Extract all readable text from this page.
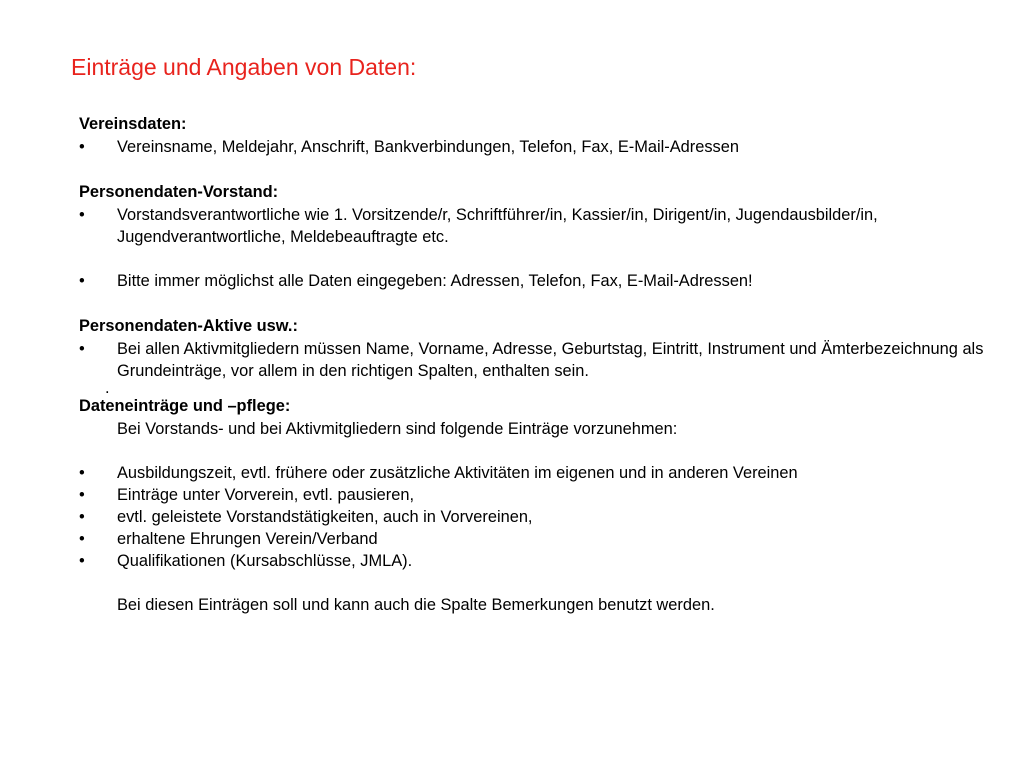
Einträge und Angaben von Daten:
Vereinsdaten:
• Vereinsname, Meldejahr, Anschrift, Bankverbindungen, Telefon, Fax, E-Mail-Adressen
Personendaten-Vorstand:
• Vorstandsverantwortliche wie 1. Vorsitzende/r, Schriftführer/in, Kassier/in, Dirigent/in, Jugendausbilder/in, Jugendverantwortliche, Meldebeauftragte etc.
• Bitte immer möglichst alle Daten eingegeben: Adressen, Telefon, Fax, E-Mail-Adressen!
Personendaten-Aktive usw.:
• Bei allen Aktivmitgliedern müssen Name, Vorname, Adresse, Geburtstag, Eintritt, Instrument und Ämterbezeichnung als Grundeinträge, vor allem in den richtigen Spalten, enthalten sein.
.
Dateneinträge und –pflege:
Bei Vorstands- und bei Aktivmitgliedern sind folgende Einträge vorzunehmen:
• Ausbildungszeit, evtl. frühere oder zusätzliche Aktivitäten im eigenen und in anderen Vereinen
• Einträge unter Vorverein, evtl. pausieren,
• evtl. geleistete Vorstandstätigkeiten, auch in Vorvereinen,
• erhaltene Ehrungen Verein/Verband
• Qualifikationen (Kursabschlüsse, JMLA).
Bei diesen Einträgen soll und kann auch die Spalte Bemerkungen benutzt werden.
